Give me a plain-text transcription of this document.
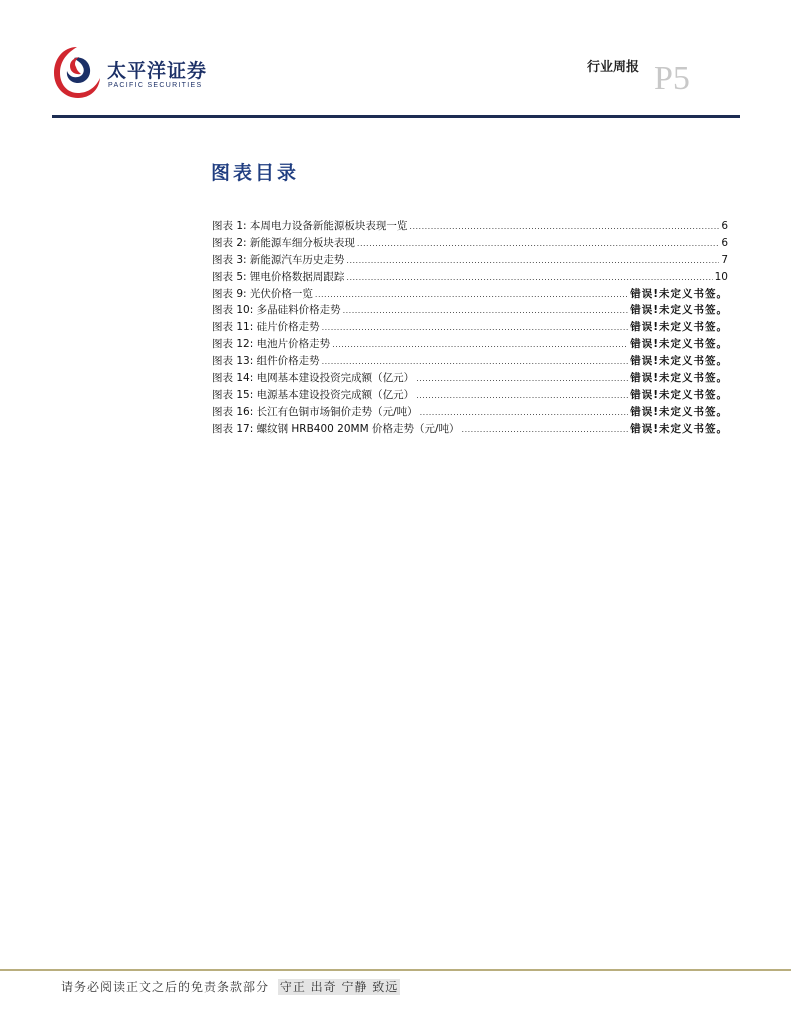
太平洋证券
PACIFIC SECURITIES
行业周报 P5
图表目录
图表 1: 本周电力设备新能源板块表现一览 .....	6
图表 2: 新能源车细分板块表现 .....	6
图表 3: 新能源汽车历史走势 .....	7
图表 5: 锂电价格数据周跟踪 .....	10
图表 9: 光伏价格一览 .....	错误!未定义书签。
图表 10: 多晶硅料价格走势 .....	错误!未定义书签。
图表 11: 硅片价格走势 .....	错误!未定义书签。
图表 12: 电池片价格走势 .....	错误!未定义书签。
图表 13: 组件价格走势 .....	错误!未定义书签。
图表 14: 电网基本建设投资完成额（亿元） .....	错误!未定义书签。
图表 15: 电源基本建设投资完成额（亿元） .....	错误!未定义书签。
图表 16: 长江有色铜市场铜价走势（元/吨） .....	错误!未定义书签。
图表 17: 螺纹钢 HRB400 20MM 价格走势（元/吨） .....	错误!未定义书签。
请务必阅读正文之后的免责条款部分 守正 出奇 宁静 致远
